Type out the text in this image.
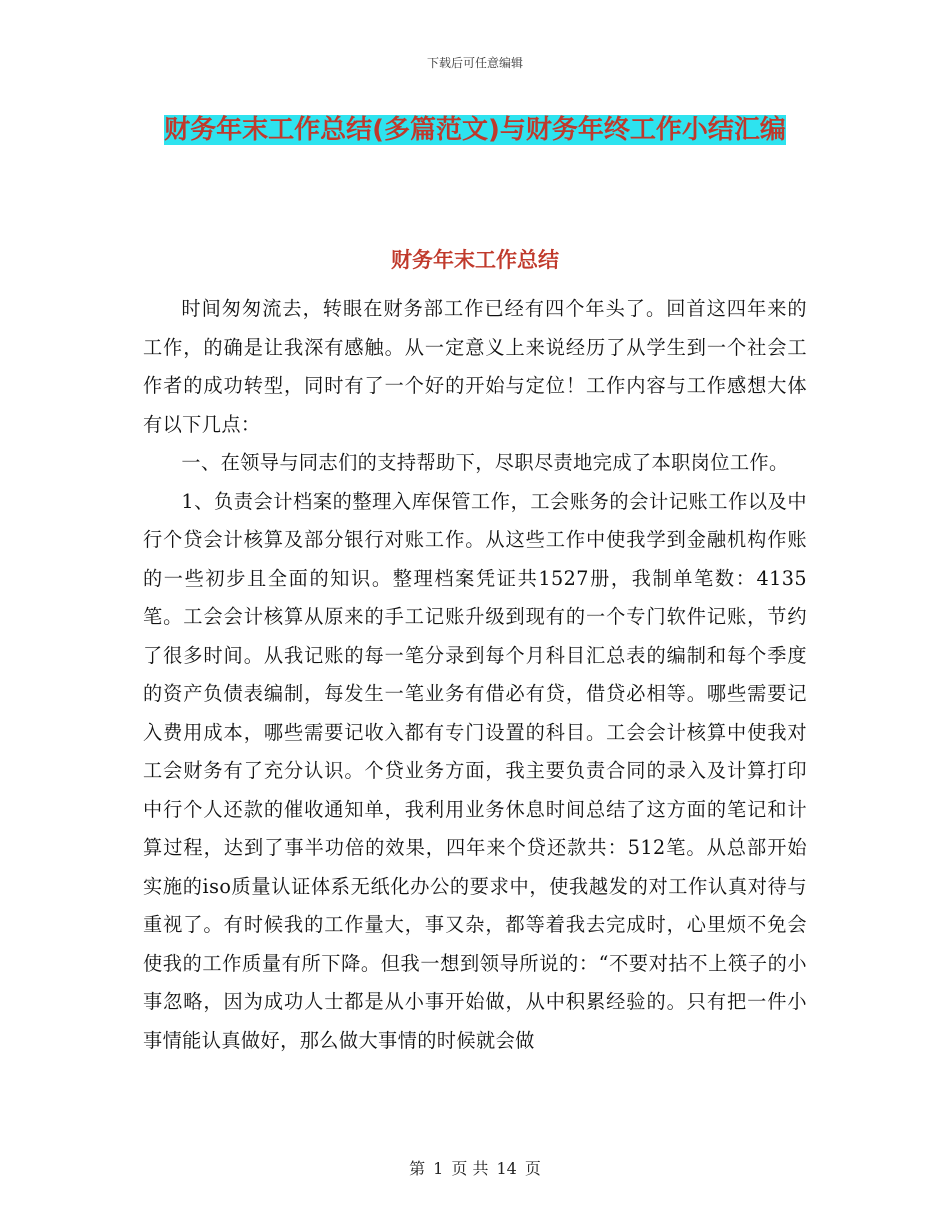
下载后可任意编辑
财务年末工作总结(多篇范文)与财务年终工作小结汇编
财务年末工作总结

时间匆匆流去，转眼在财务部工作已经有四个年头了。回首这四年来的工作，的确是让我深有感触。从一定意义上来说经历了从学生到一个社会工作者的成功转型，同时有了一个好的开始与定位！工作内容与工作感想大体有以下几点：

一、在领导与同志们的支持帮助下，尽职尽责地完成了本职岗位工作。

1、负责会计档案的整理入库保管工作，工会账务的会计记账工作以及中行个贷会计核算及部分银行对账工作。从这些工作中使我学到金融机构作账的一些初步且全面的知识。整理档案凭证共1527册，我制单笔数：4135笔。工会会计核算从原来的手工记账升级到现有的一个专门软件记账，节约了很多时间。从我记账的每一笔分录到每个月科目汇总表的编制和每个季度的资产负债表编制，每发生一笔业务有借必有贷，借贷必相等。哪些需要记入费用成本，哪些需要记收入都有专门设置的科目。工会会计核算中使我对工会财务有了充分认识。个贷业务方面，我主要负责合同的录入及计算打印中行个人还款的催收通知单，我利用业务休息时间总结了这方面的笔记和计算过程，达到了事半功倍的效果，四年来个贷还款共：512笔。从总部开始实施的iso质量认证体系无纸化办公的要求中，使我越发的对工作认真对待与重视了。有时候我的工作量大，事又杂，都等着我去完成时，心里烦不免会使我的工作质量有所下降。但我一想到领导所说的：“不要对拈不上筷子的小事忽略，因为成功人士都是从小事开始做，从中积累经验的。只有把一件小事情能认真做好，那么做大事情的时候就会做

第 1 页 共 14 页
